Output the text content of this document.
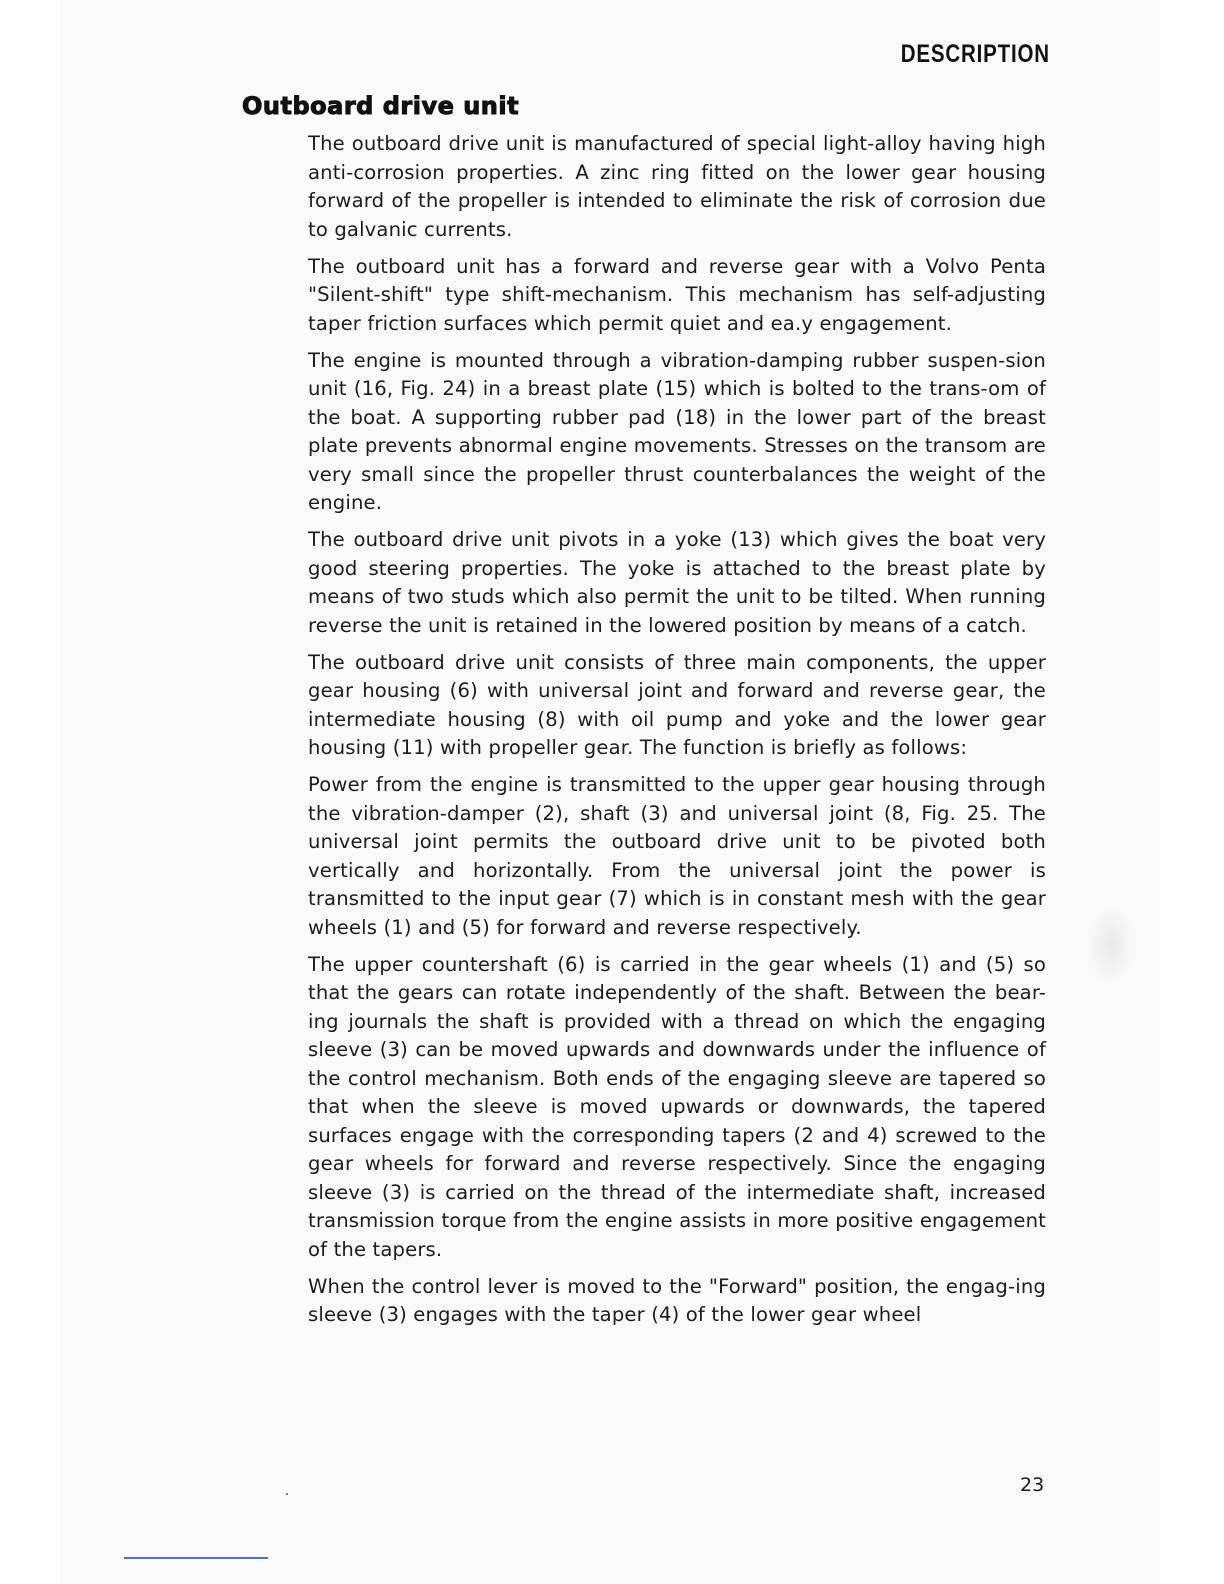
DESCRIPTION
Outboard drive unit

The outboard drive unit is manufactured of special light-alloy having high anti-corrosion properties. A zinc ring fitted on the lower gear housing forward of the propeller is intended to eliminate the risk of corrosion due to galvanic currents.

The outboard unit has a forward and reverse gear with a Volvo Penta "Silent-shift" type shift-mechanism. This mechanism has self-adjusting taper friction surfaces which permit quiet and ea.y engagement.

The engine is mounted through a vibration-damping rubber suspen-sion unit (16, Fig. 24) in a breast plate (15) which is bolted to the trans-om of the boat. A supporting rubber pad (18) in the lower part of the breast plate prevents abnormal engine movements. Stresses on the transom are very small since the propeller thrust counterbalances the weight of the engine.

The outboard drive unit pivots in a yoke (13) which gives the boat very good steering properties. The yoke is attached to the breast plate by means of two studs which also permit the unit to be tilted. When running reverse the unit is retained in the lowered position by means of a catch.

The outboard drive unit consists of three main components, the upper gear housing (6) with universal joint and forward and reverse gear, the intermediate housing (8) with oil pump and yoke and the lower gear housing (11) with propeller gear. The function is briefly as follows:

Power from the engine is transmitted to the upper gear housing through the vibration-damper (2), shaft (3) and universal joint (8, Fig. 25. The universal joint permits the outboard drive unit to be pivoted both vertically and horizontally. From the universal joint the power is transmitted to the input gear (7) which is in constant mesh with the gear wheels (1) and (5) for forward and reverse respectively.

The upper countershaft (6) is carried in the gear wheels (1) and (5) so that the gears can rotate independently of the shaft. Between the bear-ing journals the shaft is provided with a thread on which the engaging sleeve (3) can be moved upwards and downwards under the influence of the control mechanism. Both ends of the engaging sleeve are tapered so that when the sleeve is moved upwards or downwards, the tapered surfaces engage with the corresponding tapers (2 and 4) screwed to the gear wheels for forward and reverse respectively. Since the engaging sleeve (3) is carried on the thread of the intermediate shaft, increased transmission torque from the engine assists in more positive engagement of the tapers.

When the control lever is moved to the "Forward" position, the engag-ing sleeve (3) engages with the taper (4) of the lower gear wheel

23
